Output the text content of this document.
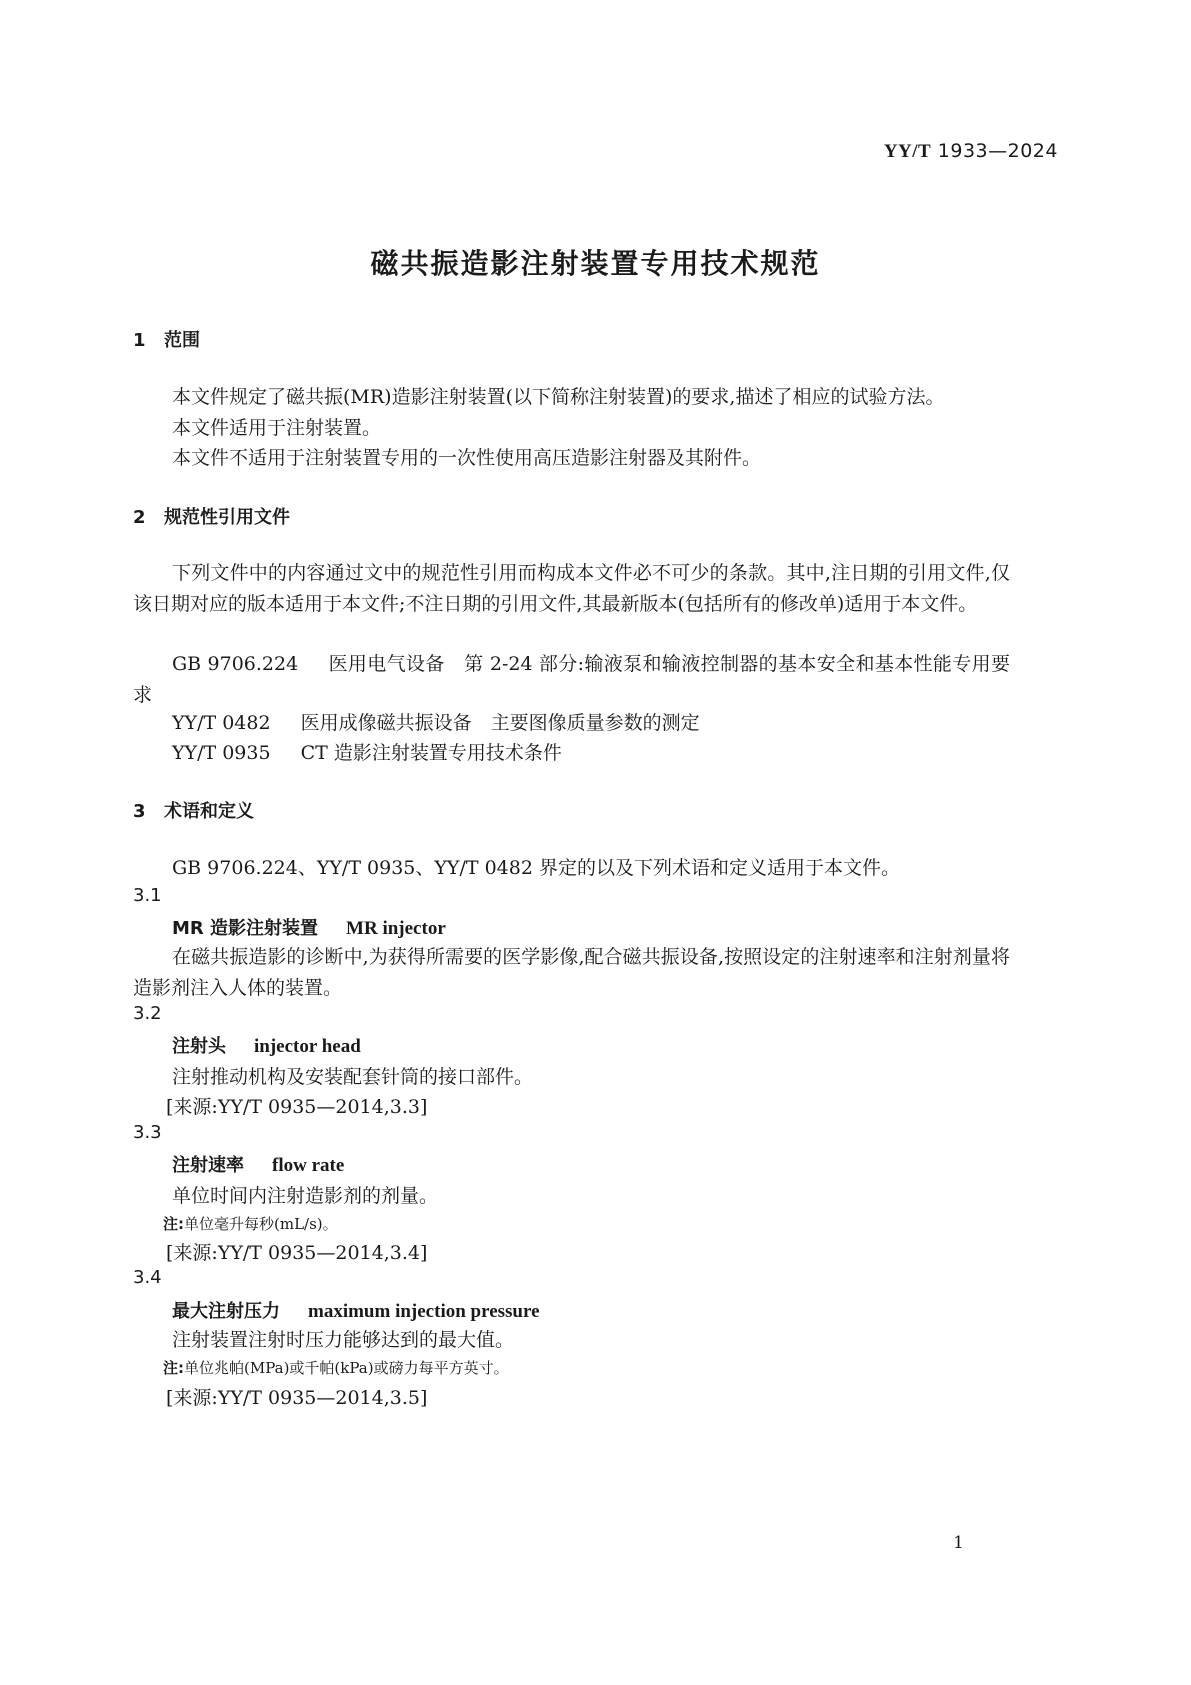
YY/T 1933—2024
磁共振造影注射装置专用技术规范
1 范围
本文件规定了磁共振(MR)造影注射装置(以下简称注射装置)的要求,描述了相应的试验方法。
本文件适用于注射装置。
本文件不适用于注射装置专用的一次性使用高压造影注射器及其附件。
2 规范性引用文件
下列文件中的内容通过文中的规范性引用而构成本文件必不可少的条款。其中,注日期的引用文件,仅该日期对应的版本适用于本文件;不注日期的引用文件,其最新版本(包括所有的修改单)适用于本文件。
GB 9706.224 医用电气设备　第 2-24 部分:输液泵和输液控制器的基本安全和基本性能专用要求
YY/T 0482 医用成像磁共振设备　主要图像质量参数的测定
YY/T 0935 CT 造影注射装置专用技术条件
3 术语和定义
GB 9706.224、YY/T 0935、YY/T 0482 界定的以及下列术语和定义适用于本文件。
3.1
MR 造影注射装置 MR injector
在磁共振造影的诊断中,为获得所需要的医学影像,配合磁共振设备,按照设定的注射速率和注射剂量将造影剂注入人体的装置。
3.2
注射头 injector head
注射推动机构及安装配套针筒的接口部件。
[来源:YY/T 0935—2014,3.3]
3.3
注射速率 flow rate
单位时间内注射造影剂的剂量。
注:单位毫升每秒(mL/s)。
[来源:YY/T 0935—2014,3.4]
3.4
最大注射压力 maximum injection pressure
注射装置注射时压力能够达到的最大值。
注:单位兆帕(MPa)或千帕(kPa)或磅力每平方英寸。
[来源:YY/T 0935—2014,3.5]
1
